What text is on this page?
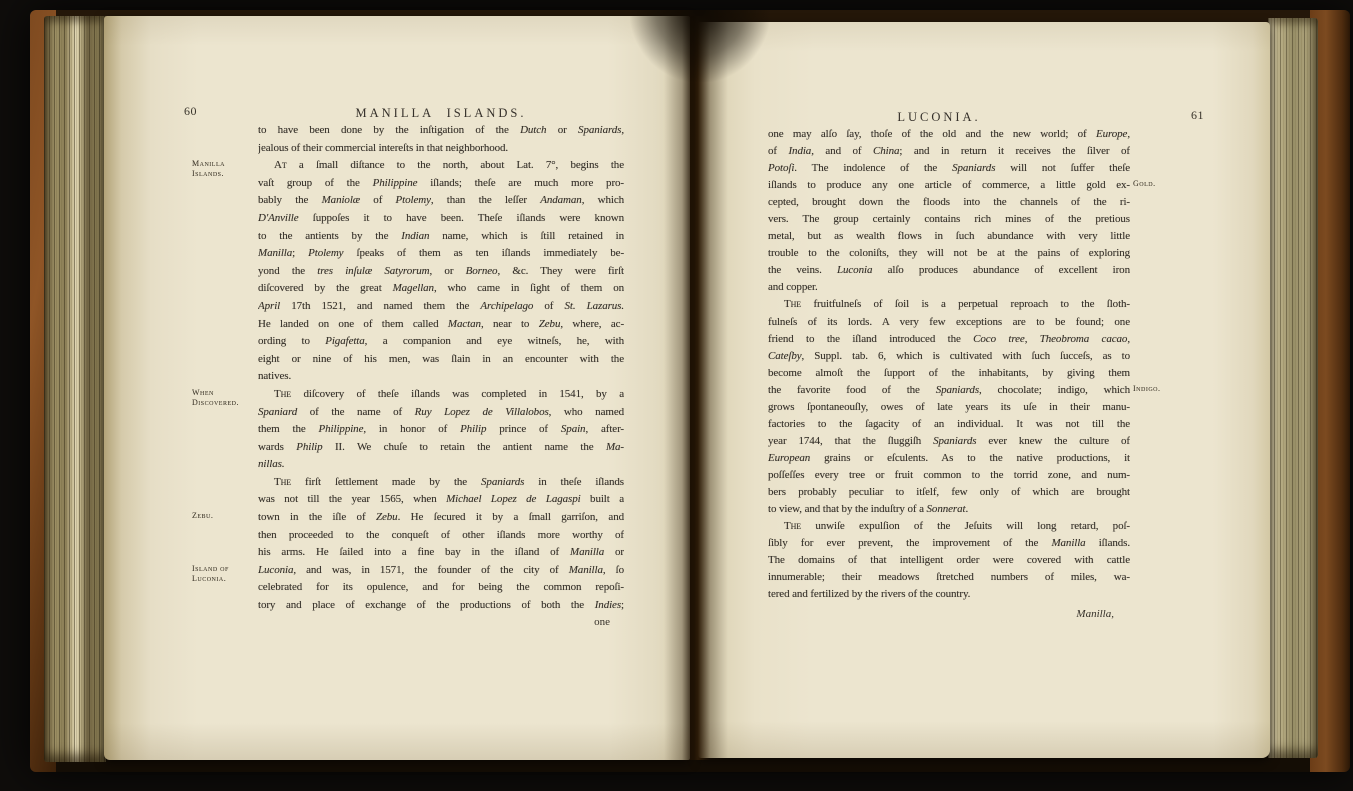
60	MANILLA ISLANDS.
Manilla
Islands.
When
Discovered.
Zebu.
Island of
Luconia.
to have been done by the inſtigation of the Dutch or Spaniards,
jealous of their commercial intereſts in that neighborhood.
At a ſmall diſtance to the north, about Lat. 7°, begins the
vaſt group of the Philippine iſlands; theſe are much more pro-
bably the Maniolæ of Ptolemy, than the leſſer Andaman, which
D'Anville ſuppoſes it to have been. Theſe iſlands were known
to the antients by the Indian name, which is ſtill retained in
Manilla; Ptolemy ſpeaks of them as ten iſlands immediately be-
yond the tres inſulæ Satyrorum, or Borneo, &c. They were firſt
diſcovered by the great Magellan, who came in ſight of them on
April 17th 1521, and named them the Archipelago of St. Lazarus.
He landed on one of them called Mactan, near to Zebu, where, ac-
ording to Pigafetta, a companion and eye witneſs, he, with
eight or nine of his men, was ſlain in an encounter with the
natives.
The diſcovery of theſe iſlands was completed in 1541, by a
Spaniard of the name of Ruy Lopez de Villalobos, who named
them the Philippine, in honor of Philip prince of Spain, after-
wards Philip II. We chuſe to retain the antient name the Ma-
nillas.
The firſt ſettlement made by the Spaniards in theſe iſlands
was not till the year 1565, when Michael Lopez de Lagaspi built a
town in the iſle of Zebu. He ſecured it by a ſmall garriſon, and
then proceeded to the conqueſt of other iſlands more worthy of
his arms. He ſailed into a fine bay in the iſland of Manilla or
Luconia, and was, in 1571, the founder of the city of Manilla, ſo
celebrated for its opulence, and for being the common repoſi-
tory and place of exchange of the productions of both the Indies;
one
61
LUCONIA.
Gold.
Indigo.
one may alſo ſay, thoſe of the old and the new world; of Europe,
of India, and of China; and in return it receives the ſilver of
Potoſi. The indolence of the Spaniards will not ſuffer theſe
iſlands to produce any one article of commerce, a little gold ex-
cepted, brought down the floods into the channels of the ri-
vers. The group certainly contains rich mines of the pretious
metal, but as wealth flows in ſuch abundance with very little
trouble to the coloniſts, they will not be at the pains of exploring
the veins. Luconia alſo produces abundance of excellent iron
and copper.
The fruitfulneſs of ſoil is a perpetual reproach to the ſloth-
fulneſs of its lords. A very few exceptions are to be found; one
friend to the iſland introduced the Coco tree, Theobroma cacao,
Cateſby, Suppl. tab. 6, which is cultivated with ſuch ſucceſs, as to
become almoſt the ſupport of the inhabitants, by giving them
the favorite food of the Spaniards, chocolate; indigo, which
grows ſpontaneouſly, owes of late years its uſe in their manu-
factories to the ſagacity of an individual. It was not till the
year 1744, that the ſluggiſh Spaniards ever knew the culture of
European grains or eſculents. As to the native productions, it
poſſeſſes every tree or fruit common to the torrid zone, and num-
bers probably peculiar to itſelf, few only of which are brought
to view, and that by the induſtry of a Sonnerat.
The unwiſe expulſion of the Jeſuits will long retard, poſ-
ſibly for ever prevent, the improvement of the Manilla iſlands.
The domains of that intelligent order were covered with cattle
innumerable; their meadows ſtretched numbers of miles, wa-
tered and fertilized by the rivers of the country.
Manilla,
